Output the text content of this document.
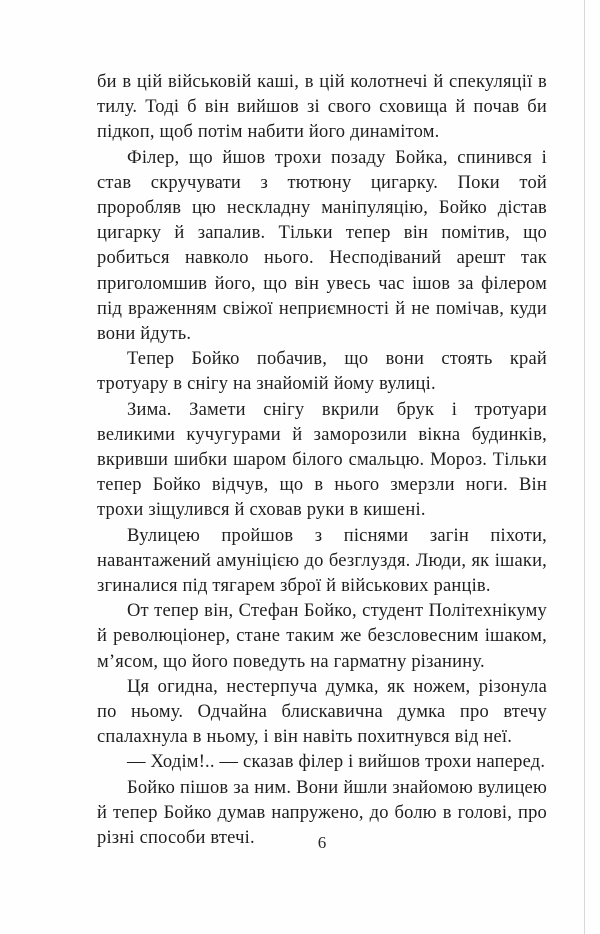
би в цій військовій каші, в цій колотнечі й спекуляції в тилу. Тоді б він вийшов зі свого сховища й почав би підкоп, щоб потім набити його динамітом.

Філер, що йшов трохи позаду Бойка, спинився і став скручувати з тютюну цигарку. Поки той проробляв цю нескладну маніпуляцію, Бойко дістав цигарку й запалив. Тільки тепер він помітив, що робиться навколо нього. Несподіваний арешт так приголомшив його, що він увесь час ішов за філером під враженням свіжої неприємності й не помічав, куди вони йдуть.

Тепер Бойко побачив, що вони стоять край тротуару в снігу на знайомій йому вулиці.

Зима. Замети снігу вкрили брук і тротуари великими кучугурами й заморозили вікна будинків, вкривши шибки шаром білого смальцю. Мороз. Тільки тепер Бойко відчув, що в нього змерзли ноги. Він трохи зіщулився й сховав руки в кишені.

Вулицею пройшов з піснями загін піхоти, навантажений амуніцією до безглуздя. Люди, як ішаки, згиналися під тягарем зброї й військових ранців.

От тепер він, Стефан Бойко, студент Політехнікуму й революціонер, стане таким же безсловесним ішаком, м’ясом, що його поведуть на гарматну різанину.

Ця огидна, нестерпуча думка, як ножем, різонула по ньому. Одчайна блискавична думка про втечу спалахнула в ньому, і він навіть похитнувся від неї.

— Ходім!.. — сказав філер і вийшов трохи наперед.

Бойко пішов за ним. Вони йшли знайомою вулицею й тепер Бойко думав напружено, до болю в голові, про різні способи втечі.	6
